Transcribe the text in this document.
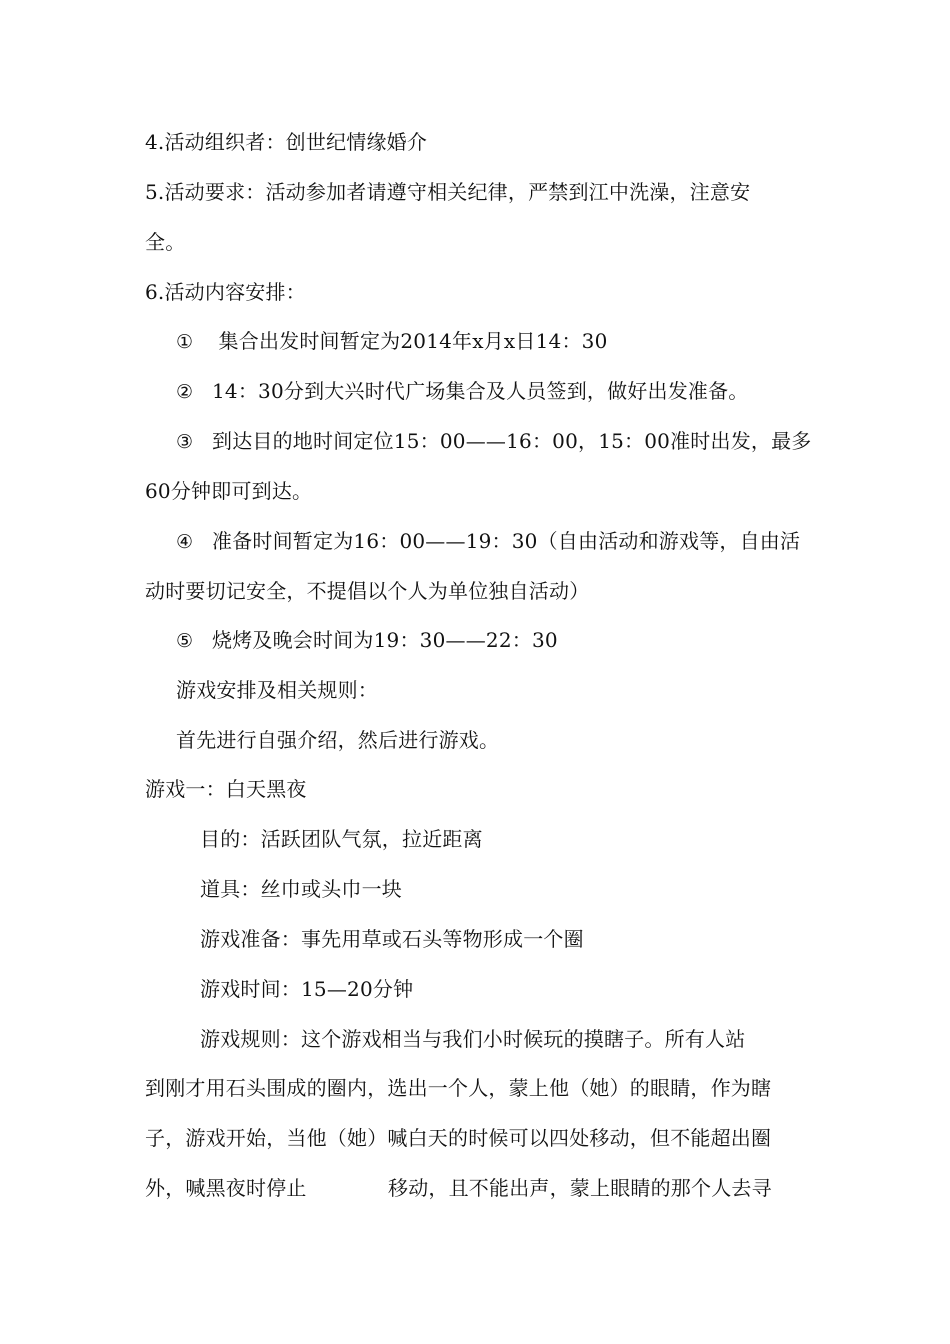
4.活动组织者：创世纪情缘婚介
5.活动要求：活动参加者请遵守相关纪律，严禁到江中洗澡，注意安
全。
6.活动内容安排：
① 集合出发时间暂定为2014年x月x日14：30
② 14：30分到大兴时代广场集合及人员签到，做好出发准备。
③ 到达目的地时间定位15：00——16：00，15：00准时出发，最多
60分钟即可到达。
④ 准备时间暂定为16：00——19：30（自由活动和游戏等，自由活
动时要切记安全，不提倡以个人为单位独自活动）
⑤ 烧烤及晚会时间为19：30——22：30
游戏安排及相关规则：
首先进行自强介绍，然后进行游戏。
游戏一：白天黑夜
目的：活跃团队气氛，拉近距离
道具：丝巾或头巾一块
游戏准备：事先用草或石头等物形成一个圈
游戏时间：15—20分钟
游戏规则：这个游戏相当与我们小时候玩的摸瞎子。所有人站
到刚才用石头围成的圈内，选出一个人，蒙上他（她）的眼睛，作为瞎
子，游戏开始，当他（她）喊白天的时候可以四处移动，但不能超出圈
外，喊黑夜时停止	移动，且不能出声，蒙上眼睛的那个人去寻
